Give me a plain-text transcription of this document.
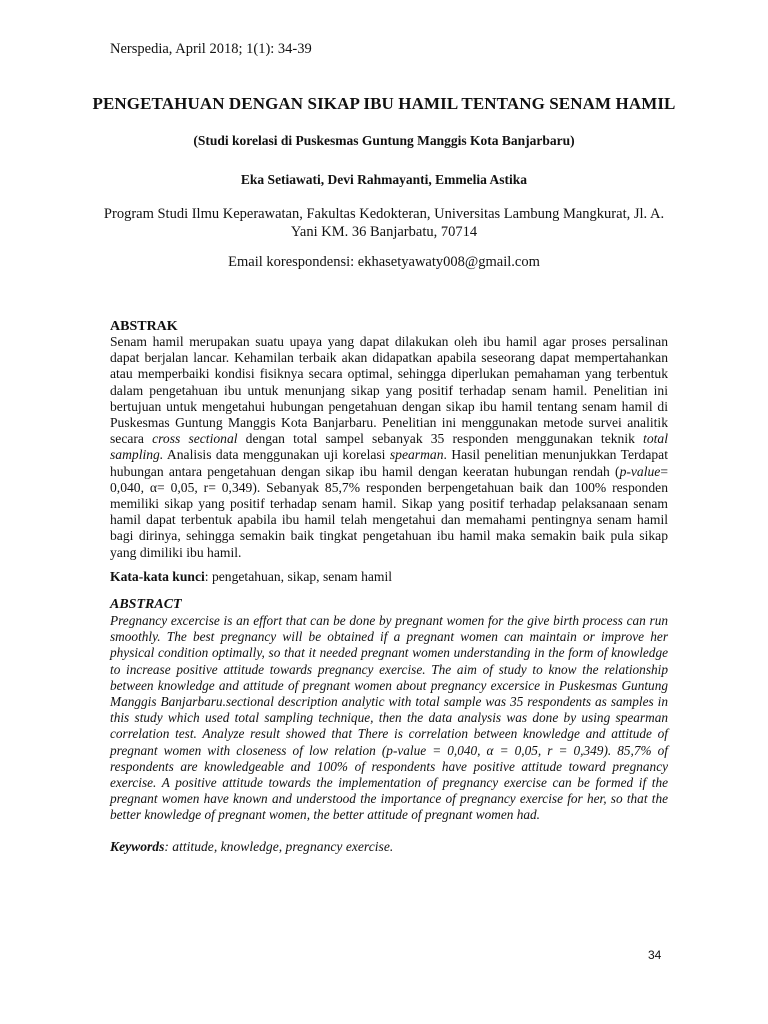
Nerspedia, April 2018; 1(1): 34-39
PENGETAHUAN DENGAN SIKAP IBU HAMIL TENTANG SENAM HAMIL
(Studi korelasi di Puskesmas Guntung Manggis Kota Banjarbaru)
Eka Setiawati, Devi Rahmayanti, Emmelia Astika
Program Studi Ilmu Keperawatan, Fakultas Kedokteran, Universitas Lambung Mangkurat, Jl. A. Yani KM. 36 Banjarbatu, 70714
Email korespondensi: ekhasetyawaty008@gmail.com
ABSTRAK
Senam hamil merupakan suatu upaya yang dapat dilakukan oleh ibu hamil agar proses persalinan dapat berjalan lancar. Kehamilan terbaik akan didapatkan apabila seseorang dapat mempertahankan atau memperbaiki kondisi fisiknya secara optimal, sehingga diperlukan pemahaman yang terbentuk dalam pengetahuan ibu untuk menunjang sikap yang positif terhadap senam hamil. Penelitian ini bertujuan untuk mengetahui hubungan pengetahuan dengan sikap ibu hamil tentang senam hamil di Puskesmas Guntung Manggis Kota Banjarbaru. Penelitian ini menggunakan metode survei analitik secara cross sectional dengan total sampel sebanyak 35 responden menggunakan teknik total sampling. Analisis data menggunakan uji korelasi spearman. Hasil penelitian menunjukkan Terdapat hubungan antara pengetahuan dengan sikap ibu hamil dengan keeratan hubungan rendah (p-value= 0,040, α= 0,05, r= 0,349). Sebanyak 85,7% responden berpengetahuan baik dan 100% responden memiliki sikap yang positif terhadap senam hamil. Sikap yang positif terhadap pelaksanaan senam hamil dapat terbentuk apabila ibu hamil telah mengetahui dan memahami pentingnya senam hamil bagi dirinya, sehingga semakin baik tingkat pengetahuan ibu hamil maka semakin baik pula sikap yang dimiliki ibu hamil.
Kata-kata kunci: pengetahuan, sikap, senam hamil
ABSTRACT
Pregnancy excercise is an effort that can be done by pregnant women for the give birth process can run smoothly. The best pregnancy will be obtained if a pregnant women can maintain or improve her physical condition optimally, so that it needed pregnant women understanding in the form of knowledge to increase positive attitude towards pregnancy exercise. The aim of study to know the relationship between knowledge and attitude of pregnant women about pregnancy excersice in Puskesmas Guntung Manggis Banjarbaru.sectional description analytic with total sample was 35 respondents as samples in this study which used total sampling technique, then the data analysis was done by using spearman correlation test. Analyze result showed that There is correlation between knowledge and attitude of pregnant women with closeness of low relation (p-value = 0,040, α = 0,05, r = 0,349). 85,7% of respondents are knowledgeable and 100% of respondents have positive attitude toward pregnancy exercise. A positive attitude towards the implementation of pregnancy exercise can be formed if the pregnant women have known and understood the importance of pregnancy exercise for her, so that the better knowledge of pregnant women, the better attitude of pregnant women had.
Keywords: attitude, knowledge, pregnancy exercise.
34
